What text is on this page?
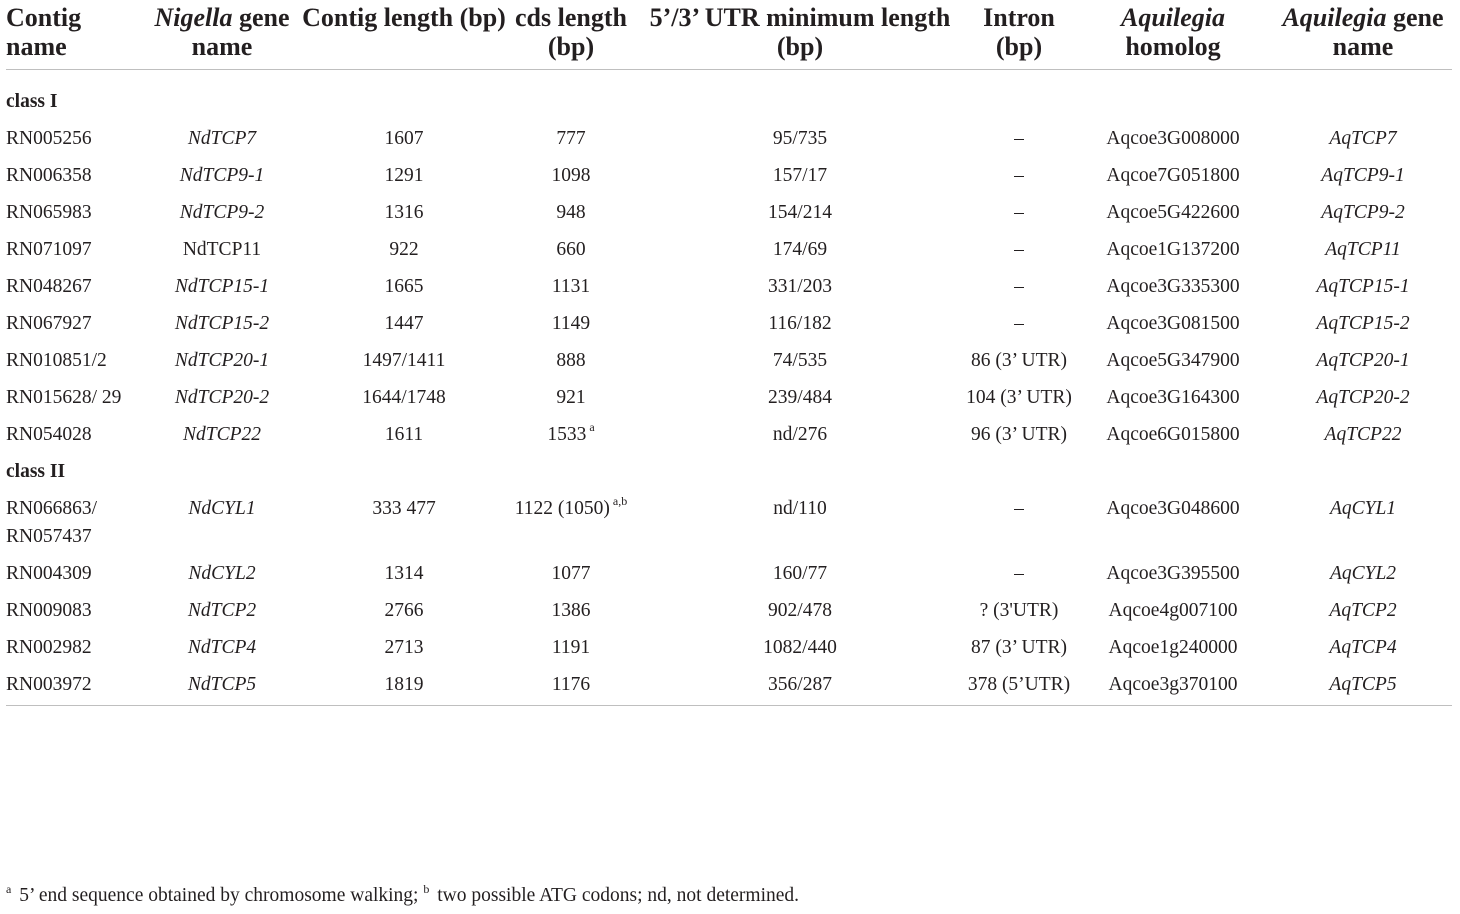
Contig name	Nigella gene name	Contig length (bp)	cds length (bp)	5’/3’ UTR minimum length (bp)	Intron (bp)	Aquilegia homolog	Aquilegia gene name

class I							
RN005256	NdTCP7	1607	777	95/735	–	Aqcoe3G008000	AqTCP7
RN006358	NdTCP9-1	1291	1098	157/17	–	Aqcoe7G051800	AqTCP9-1
RN065983	NdTCP9-2	1316	948	154/214	–	Aqcoe5G422600	AqTCP9-2
RN071097	NdTCP11	922	660	174/69	–	Aqcoe1G137200	AqTCP11
RN048267	NdTCP15-1	1665	1131	331/203	–	Aqcoe3G335300	AqTCP15-1
RN067927	NdTCP15-2	1447	1149	116/182	–	Aqcoe3G081500	AqTCP15-2
RN010851/2	NdTCP20-1	1497/1411	888	74/535	86 (3’ UTR)	Aqcoe5G347900	AqTCP20-1
RN015628/ 29	NdTCP20-2	1644/1748	921	239/484	104 (3’ UTR)	Aqcoe3G164300	AqTCP20-2
RN054028	NdTCP22	1611	1533 $^a$	nd/276	96 (3’ UTR)	Aqcoe6G015800	AqTCP22
class II							
RN066863/ RN057437	NdCYL1	333 477	1122 (1050) $^{a,b}$	nd/110	–	Aqcoe3G048600	AqCYL1
RN004309	NdCYL2	1314	1077	160/77	–	Aqcoe3G395500	AqCYL2
RN009083	NdTCP2	2766	1386	902/478	? (3'UTR)	Aqcoe4g007100	AqTCP2
RN002982	NdTCP4	2713	1191	1082/440	87 (3’ UTR)	Aqcoe1g240000	AqTCP4
RN003972	NdTCP5	1819	1176	356/287	378 (5’UTR)	Aqcoe3g370100	AqTCP5
$^a$ 5’ end sequence obtained by chromosome walking; $^b$ two possible ATG codons; nd, not determined.
